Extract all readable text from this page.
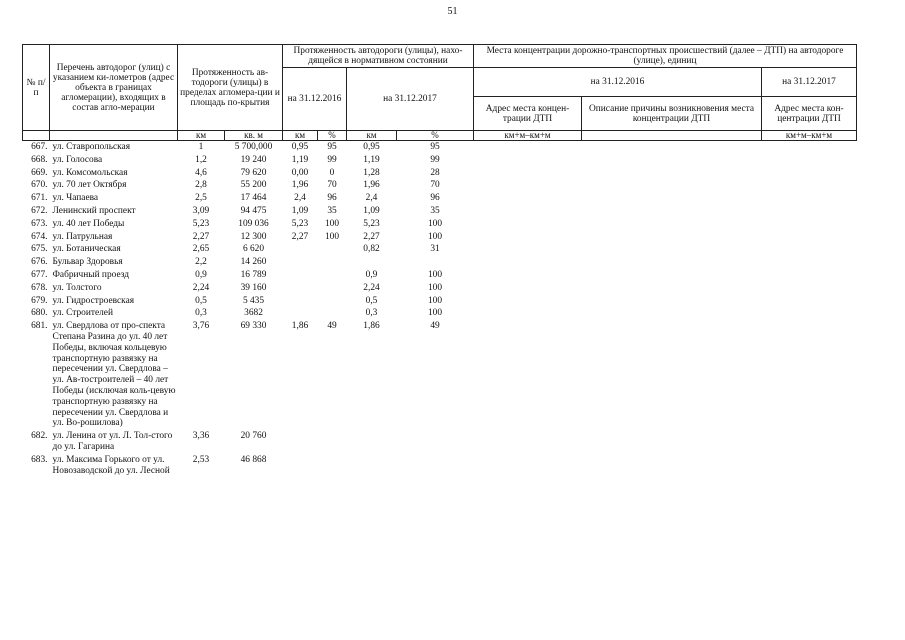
51
№ п/п	Перечень автодорог (улиц) с указанием ки-лометров (адрес объекта в границах агломерации), входящих в состав агло-мерации	Протяженность ав-тодороги (улицы) в пределах агломера-ции и площадь по-крытия		Протяженность автодороги (улицы), нахо-дящейся в нормативном состоянии				Места концентрации дорожно-транспортных происшествий (далее – ДТП) на автодороге (улице), единиц		
				на 31.12.2016		на 31.12.2017		на 31.12.2016		на 31.12.2017
								Адрес места концен-трации ДТП	Описание причины возникновения места концентрации ДТП	Адрес места кон-центрации ДТП
		км	кв. м	км	%	км	%	км+м–км+м		км+м–км+м
667.	ул. Ставропольская	1	5 700,000	0,95	95	0,95	95			
668.	ул. Голосова	1,2	19 240	1,19	99	1,19	99			
669.	ул. Комсомольская	4,6	79 620	0,00	0	1,28	28			
670.	ул. 70 лет Октября	2,8	55 200	1,96	70	1,96	70			
671.	ул. Чапаева	2,5	17 464	2,4	96	2,4	96			
672.	Ленинский проспект	3,09	94 475	1,09	35	1,09	35			
673.	ул. 40 лет Победы	5,23	109 036	5,23	100	5,23	100			
674.	ул. Патрульная	2,27	12 300	2,27	100	2,27	100			
675.	ул. Ботаническая	2,65	6 620			0,82	31			
676.	Бульвар Здоровья	2,2	14 260							
677.	Фабричный проезд	0,9	16 789			0,9	100			
678.	ул. Толстого	2,24	39 160			2,24	100			
679.	ул. Гидростроевская	0,5	5 435			0,5	100			
680.	ул. Строителей	0,3	3682			0,3	100			
681.	ул. Свердлова от про-спекта Степана Разина до ул. 40 лет Победы, включая кольцевую транспортную развязку на пересечении ул. Свердлова – ул. Ав-тостроителей – 40 лет Победы (исключая коль-цевую транспортную развязку на пересечении ул. Свердлова и ул. Во-рошилова)	3,76	69 330	1,86	49	1,86	49			
682.	ул. Ленина от ул. Л. Тол-стого до ул. Гагарина	3,36	20 760							
683.	ул. Максима Горького от ул. Новозаводской до ул. Лесной	2,53	46 868							
